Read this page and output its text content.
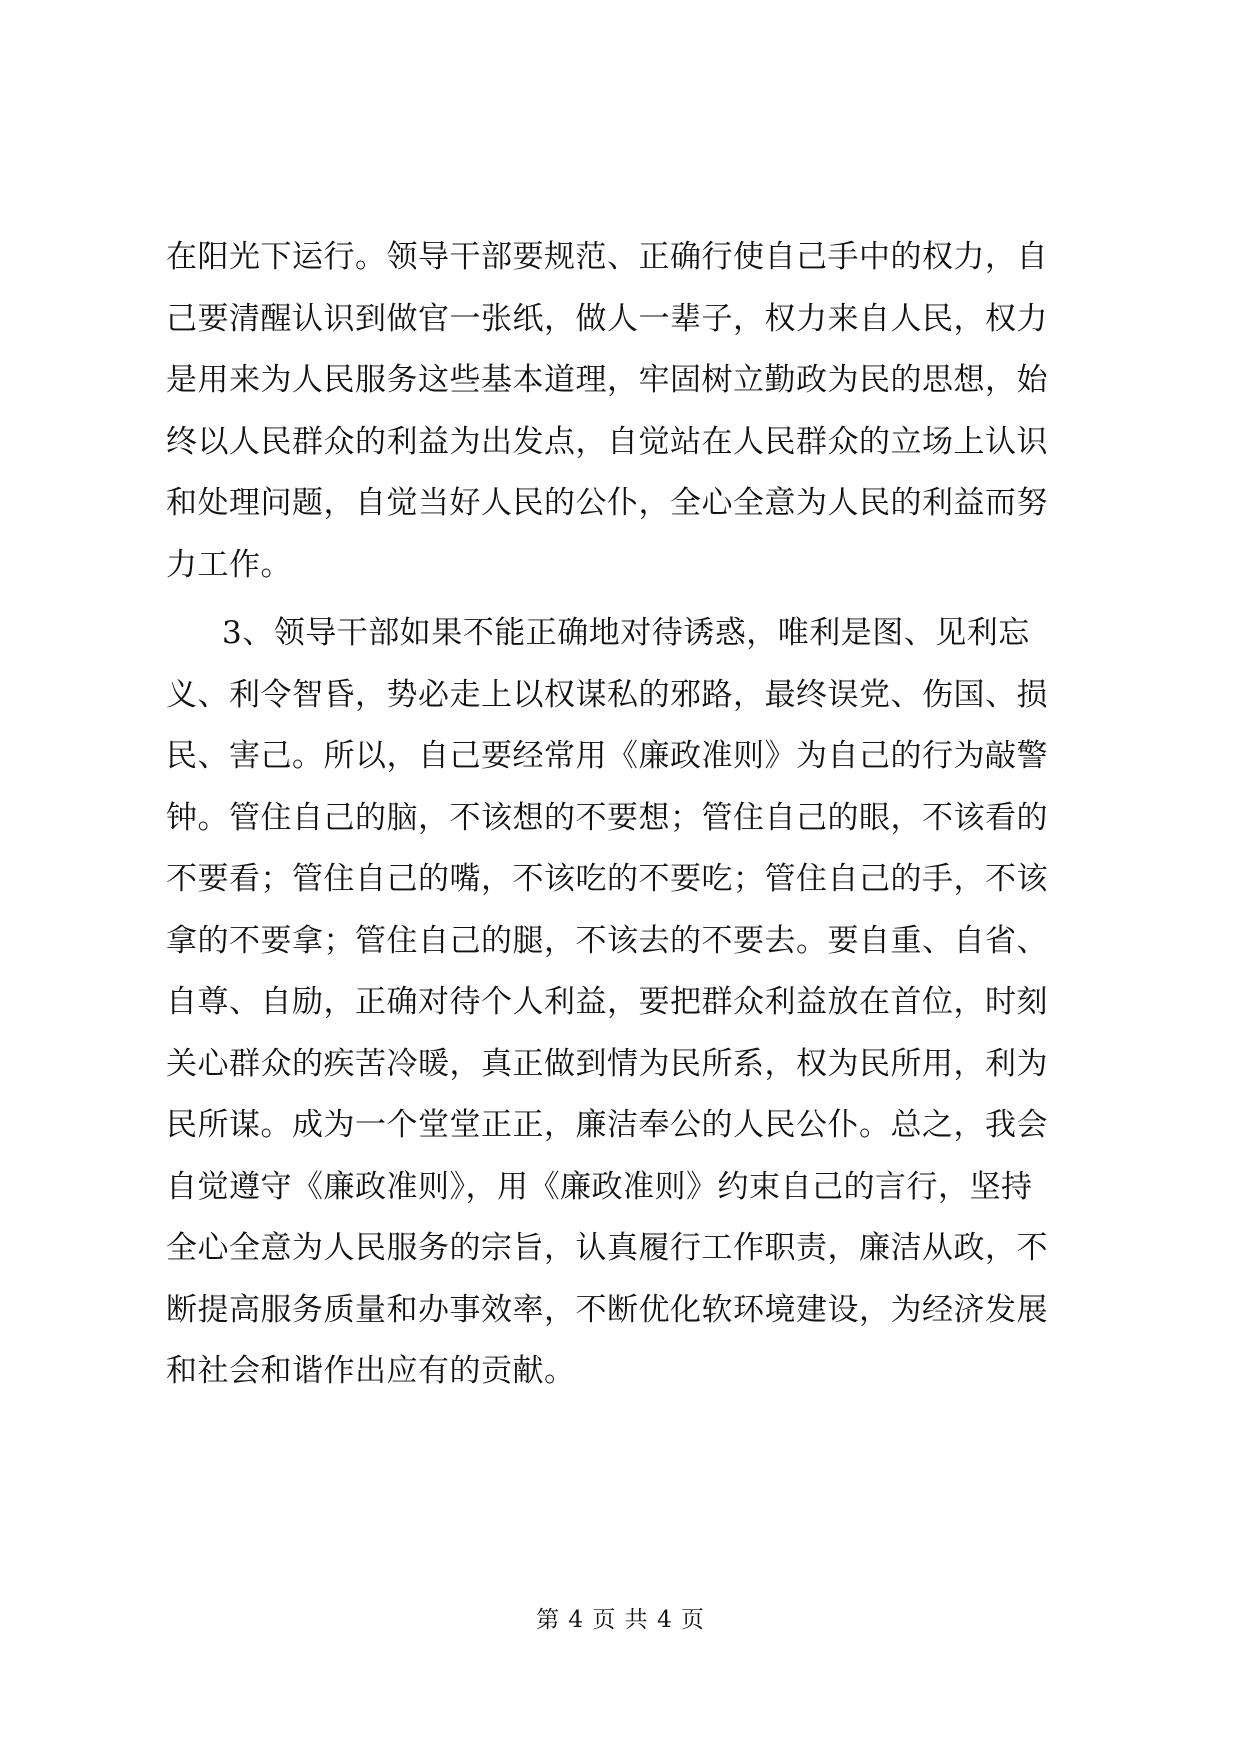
在阳光下运行。领导干部要规范、正确行使自己手中的权力，自
己要清醒认识到做官一张纸，做人一辈子，权力来自人民，权力
是用来为人民服务这些基本道理，牢固树立勤政为民的思想，始
终以人民群众的利益为出发点，自觉站在人民群众的立场上认识
和处理问题，自觉当好人民的公仆，全心全意为人民的利益而努
力工作。
3、领导干部如果不能正确地对待诱惑，唯利是图、见利忘
义、利令智昏，势必走上以权谋私的邪路，最终误党、伤国、损
民、害己。所以，自己要经常用《廉政准则》为自己的行为敲警
钟。管住自己的脑，不该想的不要想；管住自己的眼，不该看的
不要看；管住自己的嘴，不该吃的不要吃；管住自己的手，不该
拿的不要拿；管住自己的腿，不该去的不要去。要自重、自省、
自尊、自励，正确对待个人利益，要把群众利益放在首位，时刻
关心群众的疾苦冷暖，真正做到情为民所系，权为民所用，利为
民所谋。成为一个堂堂正正，廉洁奉公的人民公仆。总之，我会
自觉遵守《廉政准则》，用《廉政准则》约束自己的言行，坚持
全心全意为人民服务的宗旨，认真履行工作职责，廉洁从政，不
断提高服务质量和办事效率，不断优化软环境建设，为经济发展
和社会和谐作出应有的贡献。
第 4 页 共 4 页
